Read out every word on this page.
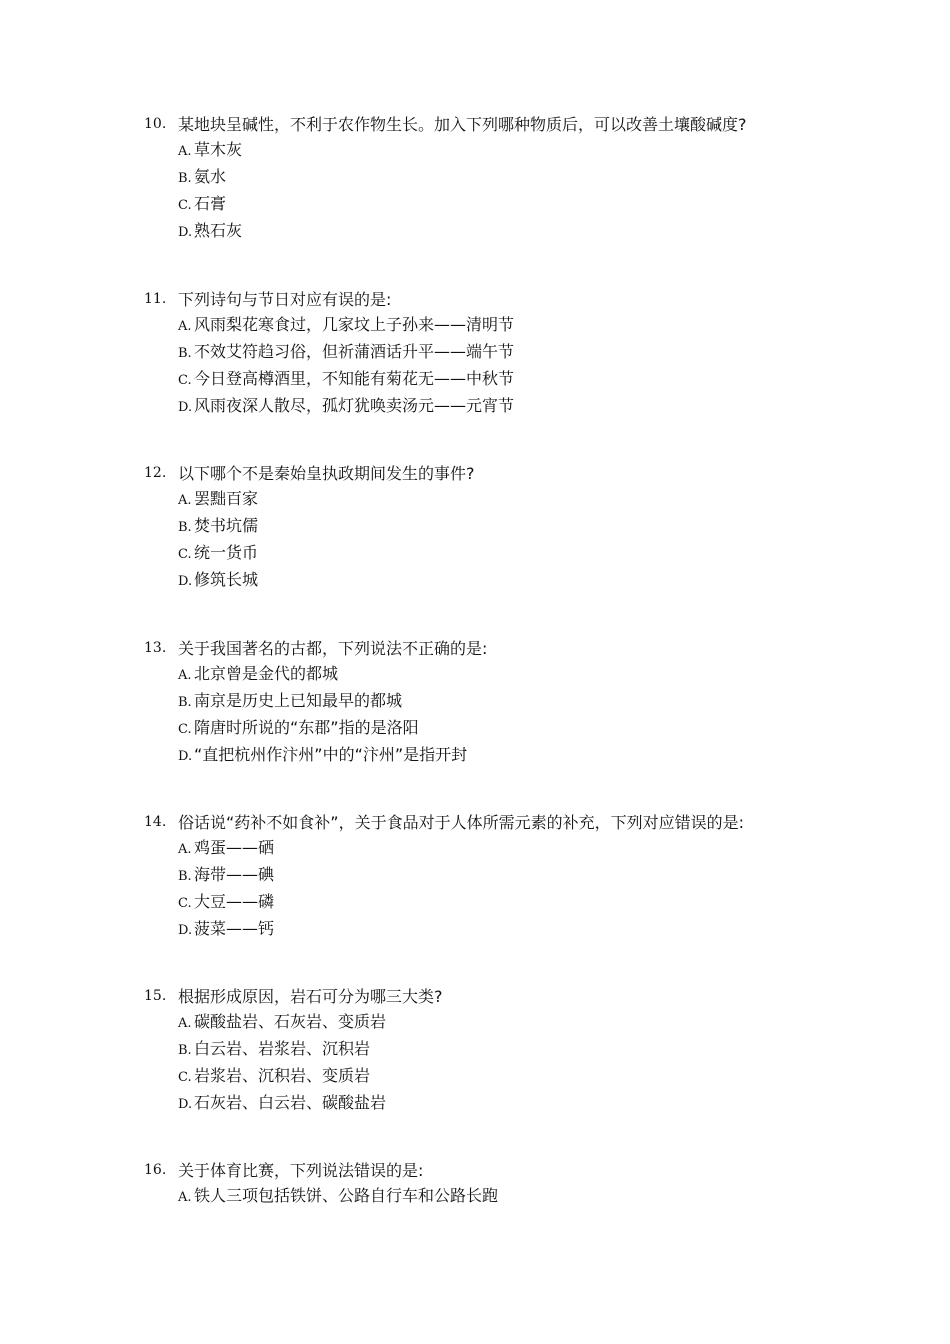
10. 某地块呈碱性，不利于农作物生长。加入下列哪种物质后，可以改善土壤酸碱度?
A. 草木灰
B. 氨水
C. 石膏
D. 熟石灰
11. 下列诗句与节日对应有误的是:
A. 风雨梨花寒食过，几家坟上子孙来——清明节
B. 不效艾符趋习俗，但祈蒲酒话升平——端午节
C. 今日登高樽酒里，不知能有菊花无——中秋节
D. 风雨夜深人散尽，孤灯犹唤卖汤元——元宵节
12. 以下哪个不是秦始皇执政期间发生的事件?
A. 罢黜百家
B. 焚书坑儒
C. 统一货币
D. 修筑长城
13. 关于我国著名的古都，下列说法不正确的是:
A. 北京曾是金代的都城
B. 南京是历史上已知最早的都城
C. 隋唐时所说的“东郡”指的是洛阳
D. “直把杭州作汴州”中的“汴州”是指开封
14. 俗话说“药补不如食补”，关于食品对于人体所需元素的补充，下列对应错误的是:
A. 鸡蛋——硒
B. 海带——碘
C. 大豆——磷
D. 菠菜——钙
15. 根据形成原因，岩石可分为哪三大类?
A. 碳酸盐岩、石灰岩、变质岩
B. 白云岩、岩浆岩、沉积岩
C. 岩浆岩、沉积岩、变质岩
D. 石灰岩、白云岩、碳酸盐岩
16. 关于体育比赛，下列说法错误的是:
A. 铁人三项包括铁饼、公路自行车和公路长跑
